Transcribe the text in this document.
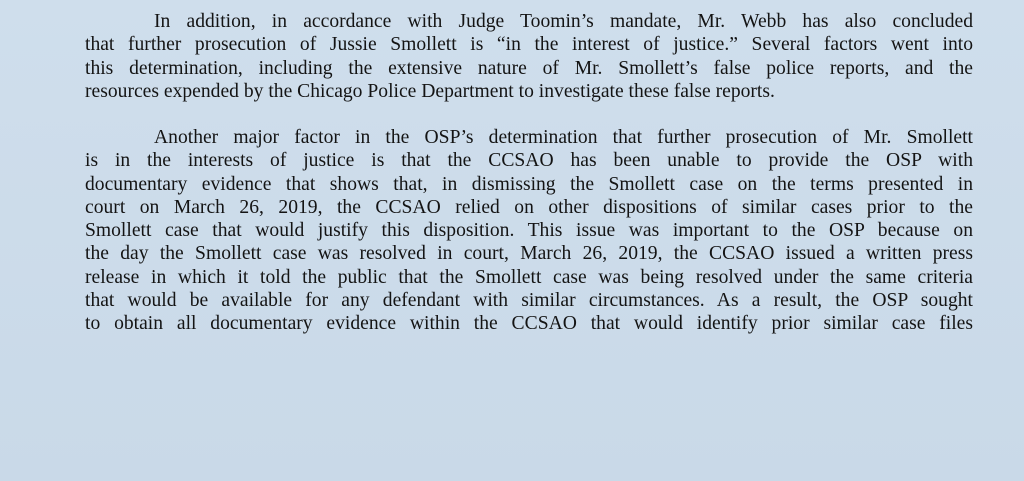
In addition, in accordance with Judge Toomin’s mandate, Mr. Webb has also concluded
that further prosecution of Jussie Smollett is “in the interest of justice.” Several factors went into
this determination, including the extensive nature of Mr. Smollett’s false police reports, and the
resources expended by the Chicago Police Department to investigate these false reports.

Another major factor in the OSP’s determination that further prosecution of Mr. Smollett
is in the interests of justice is that the CCSAO has been unable to provide the OSP with
documentary evidence that shows that, in dismissing the Smollett case on the terms presented in
court on March 26, 2019, the CCSAO relied on other dispositions of similar cases prior to the
Smollett case that would justify this disposition. This issue was important to the OSP because on
the day the Smollett case was resolved in court, March 26, 2019, the CCSAO issued a written press
release in which it told the public that the Smollett case was being resolved under the same criteria
that would be available for any defendant with similar circumstances. As a result, the OSP sought
to obtain all documentary evidence within the CCSAO that would identify prior similar case files
